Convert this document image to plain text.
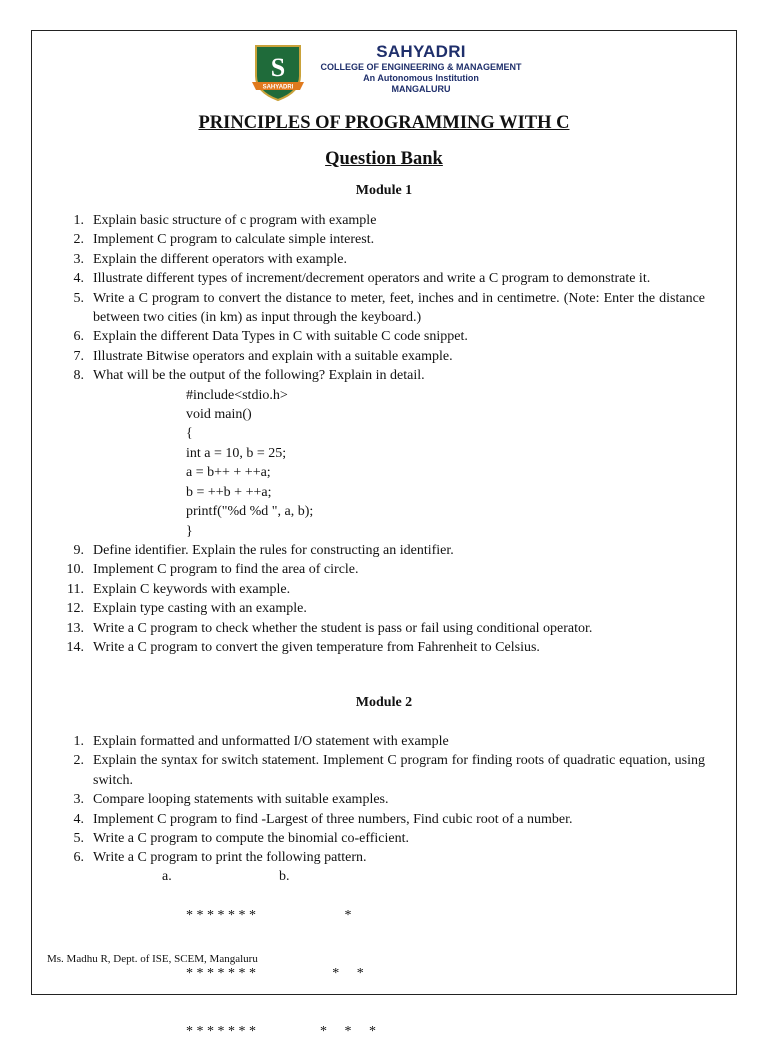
S
SAHYADRI
SAHYADRI
COLLEGE OF ENGINEERING & MANAGEMENT
An Autonomous Institution
MANGALURU
PRINCIPLES OF PROGRAMMING WITH C
Question Bank
Module 1
1. Explain basic structure of c program with example
2. Implement C program to calculate simple interest.
3. Explain the different operators with example.
4. Illustrate different types of increment/decrement operators and write a C program to demonstrate it.
5. Write a C program to convert the distance to meter, feet, inches and in centimetre. (Note: Enter the distance between two cities (in km) as input through the keyboard.)
6. Explain the different Data Types in C with suitable C code snippet.
7. Illustrate Bitwise operators and explain with a suitable example.
8. What will be the output of the following? Explain in detail.
#include<stdio.h>
void main()
{
int a = 10, b = 25;
a = b++ + ++a;
b = ++b + ++a;
printf("%d %d ", a, b);
}
9. Define identifier. Explain the rules for constructing an identifier.
10. Implement C program to find the area of circle.
11. Explain C keywords with example.
12. Explain type casting with an example.
13. Write a C program to check whether the student is pass or fail using conditional operator.
14. Write a C program to convert the given temperature from Fahrenheit to Celsius.
Module 2
1. Explain formatted and unformatted I/O statement with example
2. Explain the syntax for switch statement. Implement C program for finding roots of quadratic equation, using switch.
3. Compare looping statements with suitable examples.
4. Implement C program to find -Largest of three numbers, Find cubic root of a number.
5. Write a C program to compute the binomial co-efficient.
6. Write a C program to print the following pattern.
a.

* * * * * * *

* * * * * * *

* * * * * * *

b.

*

*     *

*     *     *

Ms. Madhu R, Dept. of ISE, SCEM, Mangaluru
